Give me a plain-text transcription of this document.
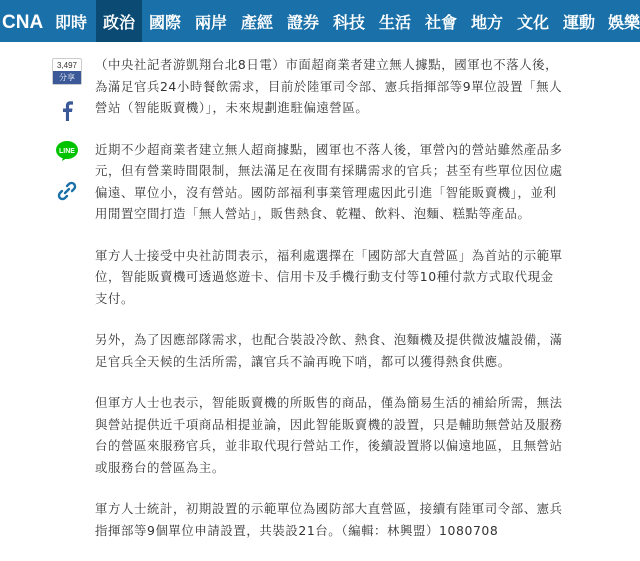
CNA 即時 政治 國際 兩岸 產經 證券 科技 生活 社會 地方 文化 運動 娛樂
3,497
分享
LINE

（中央社記者游凱翔台北8日電）市面超商業者建立無人據點，國軍也不落人後，為滿足官兵24小時餐飲需求，目前於陸軍司令部、憲兵指揮部等9單位設置「無人營站（智能販賣機）」，未來規劃進駐偏遠營區。

近期不少超商業者建立無人超商據點，國軍也不落人後，軍營內的營站雖然產品多元，但有營業時間限制，無法滿足在夜間有採購需求的官兵；甚至有些單位因位處偏遠、單位小，沒有營站。國防部福利事業管理處因此引進「智能販賣機」，並利用閒置空間打造「無人營站」，販售熱食、乾糧、飲料、泡麵、糕點等產品。

軍方人士接受中央社訪問表示，福利處選擇在「國防部大直營區」為首站的示範單位，智能販賣機可透過悠遊卡、信用卡及手機行動支付等10種付款方式取代現金支付。

另外，為了因應部隊需求，也配合裝設冷飲、熱食、泡麵機及提供微波爐設備，滿足官兵全天候的生活所需，讓官兵不論再晚下哨，都可以獲得熱食供應。

但軍方人士也表示，智能販賣機的所販售的商品，僅為簡易生活的補給所需，無法與營站提供近千項商品相提並論，因此智能販賣機的設置，只是輔助無營站及服務台的營區來服務官兵，並非取代現行營站工作，後續設置將以偏遠地區，且無營站或服務台的營區為主。

軍方人士統計，初期設置的示範單位為國防部大直營區，接續有陸軍司令部、憲兵指揮部等9個單位申請設置，共裝設21台。（編輯：林興盟）1080708
